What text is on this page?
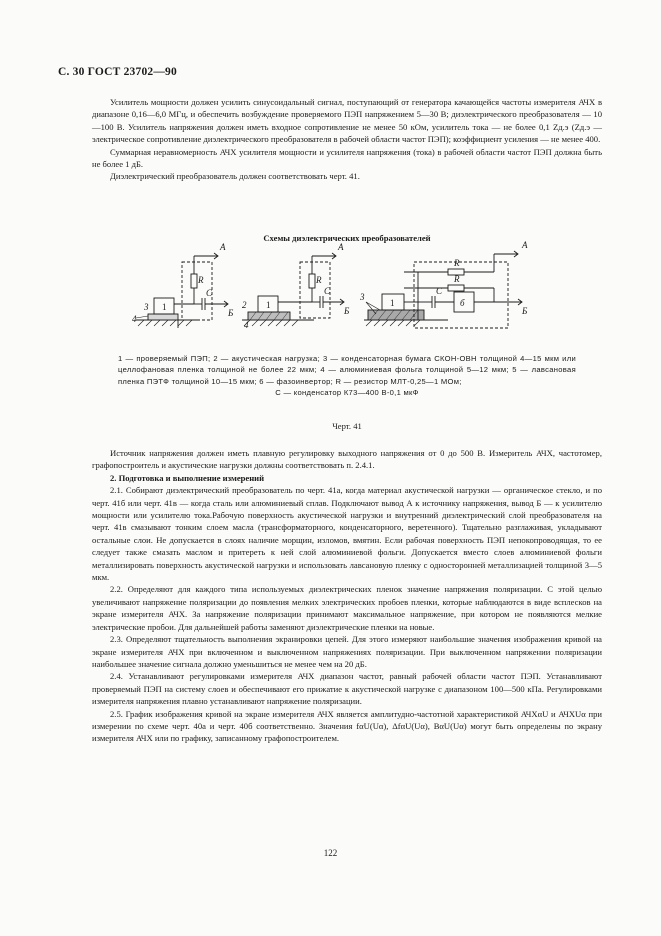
С. 30 ГОСТ 23702—90

Усилитель мощности должен усилить синусоидальный сигнал, поступающий от генератора качающейся частоты измерителя АЧХ в диапазоне 0,16—6,0 МГц, и обеспечить возбуждение проверяемого ПЭП напряжением 5—30 В; диэлектрического преобразователя — 10—100 В. Усилитель напряжения должен иметь входное сопротивление не менее 50 кОм, усилитель тока — не более 0,1 Zд.э (Zд.э — электрическое сопротивление диэлектрического преобразователя в рабочей области частот ПЭП); коэффициент усиления — не менее 400.

Суммарная неравномерность АЧХ усилителя мощности и усилителя напряжения (тока) в рабочей области частот ПЭП должна быть не более 1 дБ.

Диэлектрический преобразователь должен соответствовать черт. 41.

Схемы диэлектрических преобразователей
А
R
С
Б
1
3
4
А
R
С
Б
1
4
2
А
R
R
С
б
Б
1
3

1 — проверяемый ПЭП; 2 — акустическая нагрузка; 3 — конденсаторная бумага СКОН-ОВН толщиной 4—15 мкм или целлофановая пленка толщиной не более 22 мкм; 4 — алюминиевая фольга толщиной 5—12 мкм; 5 — лавсановая пленка ПЭТФ толщиной 10—15 мкм; 6 — фазоинвертор; R — резистор МЛТ-0,25—1 МОм;

С — конденсатор К73—400 В-0,1 мкФ

Черт. 41

Источник напряжения должен иметь плавную регулировку выходного напряжения от 0 до 500 В. Измеритель АЧХ, частотомер, графопостроитель и акустические нагрузки должны соответствовать п. 2.4.1.

2. Подготовка и выполнение измерений

2.1. Собирают диэлектрический преобразователь по черт. 41а, когда материал акустической нагрузки — органическое стекло, и по черт. 41б или черт. 41в — когда сталь или алюминиевый сплав. Подключают вывод А к источнику напряжения, вывод Б — к усилителю мощности или усилителю тока.Рабочую поверхность акустической нагрузки и внутренний диэлектрический слой преобразователя на черт. 41в смазывают тонким слоем масла (трансформаторного, конденсаторного, веретенного). Тщательно разглаживая, укладывают остальные слои. Не допускается в слоях наличие морщин, изломов, вмятин. Если рабочая поверхность ПЭП непокопроводящая, то ее следует также смазать маслом и притереть к ней слой алюминиевой фольги. Допускается вместо слоев алюминиевой фольги металлизировать поверхность акустической нагрузки и использовать лавсановую пленку с односторонней металлизацией толщиной 3—5 мкм.

2.2. Определяют для каждого типа используемых диэлектрических пленок значение напряжения поляризации. С этой целью увеличивают напряжение поляризации до появления мелких электрических пробоев пленки, которые наблюдаются в виде всплесков на экране измерителя АЧХ. За напряжение поляризации принимают максимальное напряжение, при котором не появляются мелкие электрические пробои. Для дальнейшей работы заменяют диэлектрические пленки на новые.

2.3. Определяют тщательность выполнения экранировки цепей. Для этого измеряют наибольшие значения изображения кривой на экране измерителя АЧХ при включенном и выключенном напряжениях поляризации. При выключенном напряжении поляризации наибольшее значение сигнала должно уменьшиться не менее чем на 20 дБ.

2.4. Устанавливают регулировками измерителя АЧХ диапазон частот, равный рабочей области частот ПЭП. Устанавливают проверяемый ПЭП на систему слоев и обеспечивают его прижатие к акустической нагрузке с диапазоном 100—500 кПа. Регулировками измерителя напряжения плавно устанавливают напряжение поляризации.

2.5. График изображения кривой на экране измерителя АЧХ является амплитудно-частотной характеристикой АЧХαU и АЧХUα при измерении по схеме черт. 40а и черт. 40б соответственно. Значения fαU(Uα), ΔfαU(Uα), BαU(Uα) могут быть определены по экрану измерителя АЧХ или по графику, записанному графопостроителем.

122
